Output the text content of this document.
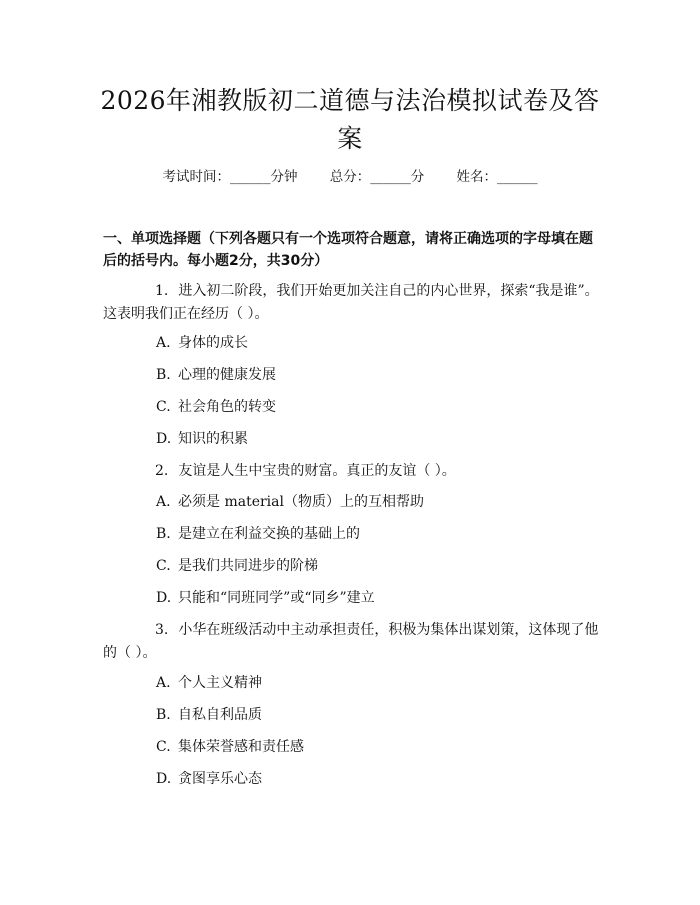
2026年湘教版初二道德与法治模拟试卷及答案
考试时间：______分钟 总分：______分 姓名：______
一、单项选择题（下列各题只有一个选项符合题意，请将正确选项的字母填在题后的括号内。每小题2分，共30分）
1. 进入初二阶段，我们开始更加关注自己的内心世界，探索“我是谁”。这表明我们正在经历（ ）。
A. 身体的成长
B. 心理的健康发展
C. 社会角色的转变
D. 知识的积累
2. 友谊是人生中宝贵的财富。真正的友谊（ ）。
A. 必须是 material（物质）上的互相帮助
B. 是建立在利益交换的基础上的
C. 是我们共同进步的阶梯
D. 只能和“同班同学”或“同乡”建立
3. 小华在班级活动中主动承担责任，积极为集体出谋划策，这体现了他的（ ）。
A. 个人主义精神
B. 自私自利品质
C. 集体荣誉感和责任感
D. 贪图享乐心态
